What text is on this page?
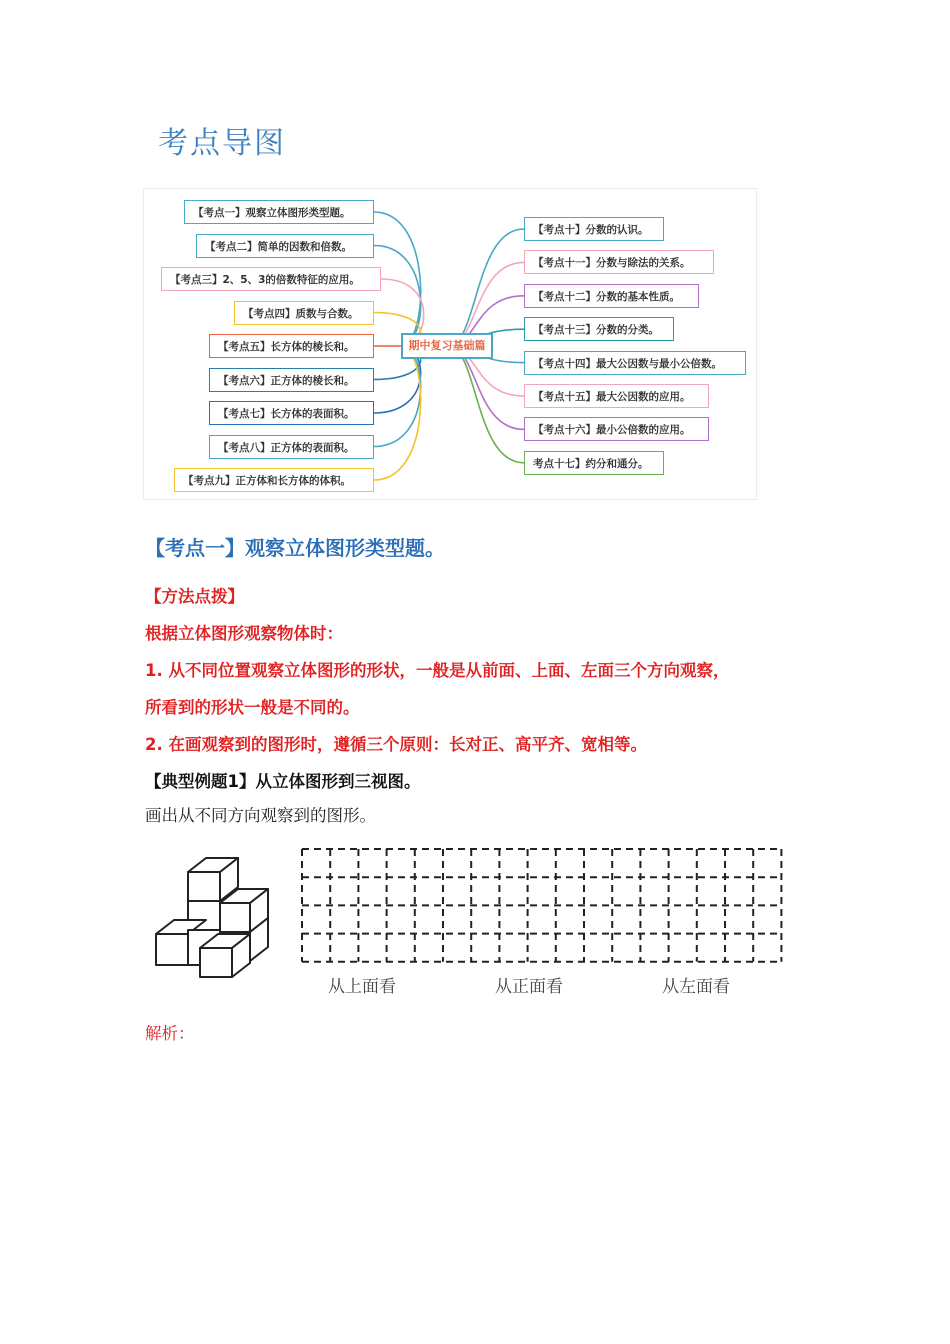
考点导图
【考点一】观察立体图形类型题。
【考点二】简单的因数和倍数。
【考点三】2、5、3的倍数特征的应用。
【考点四】质数与合数。
【考点五】长方体的棱长和。
【考点六】正方体的棱长和。
【考点七】长方体的表面积。
【考点八】正方体的表面积。
【考点九】正方体和长方体的体积。
【考点十】分数的认识。
【考点十一】分数与除法的关系。
【考点十二】分数的基本性质。
【考点十三】分数的分类。
【考点十四】最大公因数与最小公倍数。
【考点十五】最大公因数的应用。
【考点十六】最小公倍数的应用。
考点十七】约分和通分。
期中复习基础篇
【考点一】观察立体图形类型题。
【方法点拨】
根据立体图形观察物体时：
1. 从不同位置观察立体图形的形状，一般是从前面、上面、左面三个方向观察，
所看到的形状一般是不同的。
2. 在画观察到的图形时，遵循三个原则：长对正、高平齐、宽相等。
【典型例题1】从立体图形到三视图。
画出从不同方向观察到的图形。
从上面看	从正面看	从左面看
解析：
